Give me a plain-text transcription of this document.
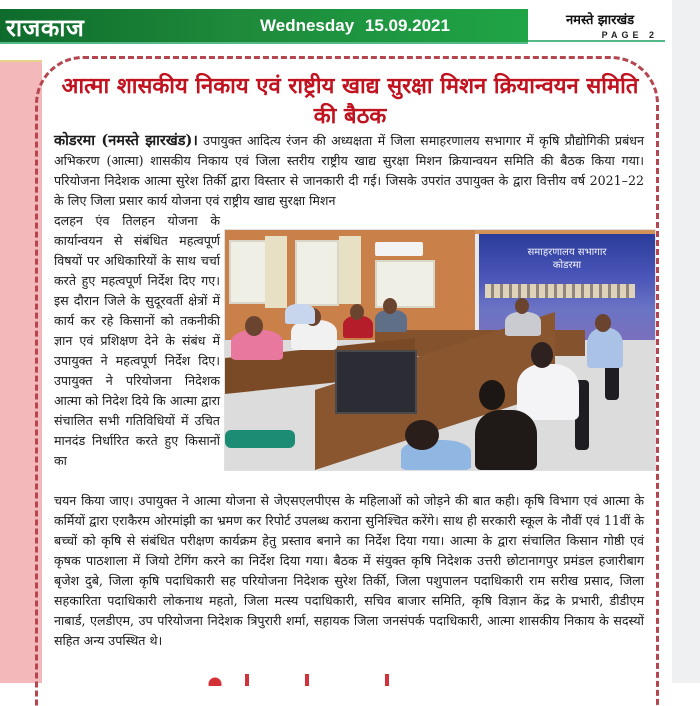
राजकाज	Wednesday 15.09.2021	नमस्ते झारखंड
PAGE 2
आत्मा शासकीय निकाय एवं राष्ट्रीय खाद्य सुरक्षा मिशन क्रियान्वयन समिति की बैठक
कोडरमा (नमस्ते झारखंड)। उपायुक्त आदित्य रंजन की अध्यक्षता में जिला समाहरणालय सभागार में कृषि प्रौद्योगिकी प्रबंधन अभिकरण (आत्मा) शासकीय निकाय एवं जिला स्तरीय राष्ट्रीय खाद्य सुरक्षा मिशन क्रियान्वयन समिति की बैठक किया गया। परियोजना निदेशक आत्मा सुरेश तिर्की द्वारा विस्तार से जानकारी दी गई। जिसके उपरांत उपायुक्त के द्वारा वित्तीय वर्ष 2021–22 के लिए जिला प्रसार कार्य योजना एवं राष्ट्रीय खाद्य सुरक्षा मिशन
दलहन एंव तिलहन योजना के कार्यान्वयन से संबंधित महत्वपूर्ण विषयों पर अधिकारियों के साथ चर्चा करते हुए महत्वपूर्ण निर्देश दिए गए। इस दौरान जिले के सुदूरवर्ती क्षेत्रों में कार्य कर रहे किसानों को तकनीकी ज्ञान एवं प्रशिक्षण देने के संबंध में उपायुक्त ने महत्वपूर्ण निर्देश दिए। उपायुक्त ने परियोजना निदेशक आत्मा को निदेश दिये कि आत्मा द्वारा संचालित सभी गतिविधियों में उचित मानदंड निर्धारित करते हुए किसानों का
समाहरणालय सभागार
कोडरमा
चयन किया जाए। उपायुक्त ने आत्मा योजना से जेएसएलपीएस के महिलाओं को जोड़ने की बात कही। कृषि विभाग एवं आत्मा के कर्मियों द्वारा एराकैरम ओरमांझी का भ्रमण कर रिपोर्ट उपलब्ध कराना सुनिश्चित करेंगे। साथ ही सरकारी स्कूल के नौवीं एवं 11वीं के बच्चों को कृषि से संबंधित परीक्षण कार्यक्रम हेतु प्रस्ताव बनाने का निर्देश दिया गया। आत्मा के द्वारा संचालित किसान गोष्ठी एवं कृषक पाठशाला में जियो टेगिंग करने का निर्देश दिया गया। बैठक में संयुक्त कृषि निदेशक उत्तरी छोटानागपुर प्रमंडल हजारीबाग बृजेश दुबे, जिला कृषि पदाधिकारी सह परियोजना निदेशक सुरेश तिर्की, जिला पशुपालन पदाधिकारी राम सरीख प्रसाद, जिला सहकारिता पदाधिकारी लोकनाथ महतो, जिला मत्स्य पदाधिकारी, सचिव बाजार समिति, कृषि विज्ञान केंद्र के प्रभारी, डीडीएम नाबार्ड, एलडीएम, उप परियोजना निदेशक त्रिपुरारी शर्मा, सहायक जिला जनसंपर्क पदाधिकारी, आत्मा शासकीय निकाय के सदस्यों सहित अन्य उपस्थित थे।
